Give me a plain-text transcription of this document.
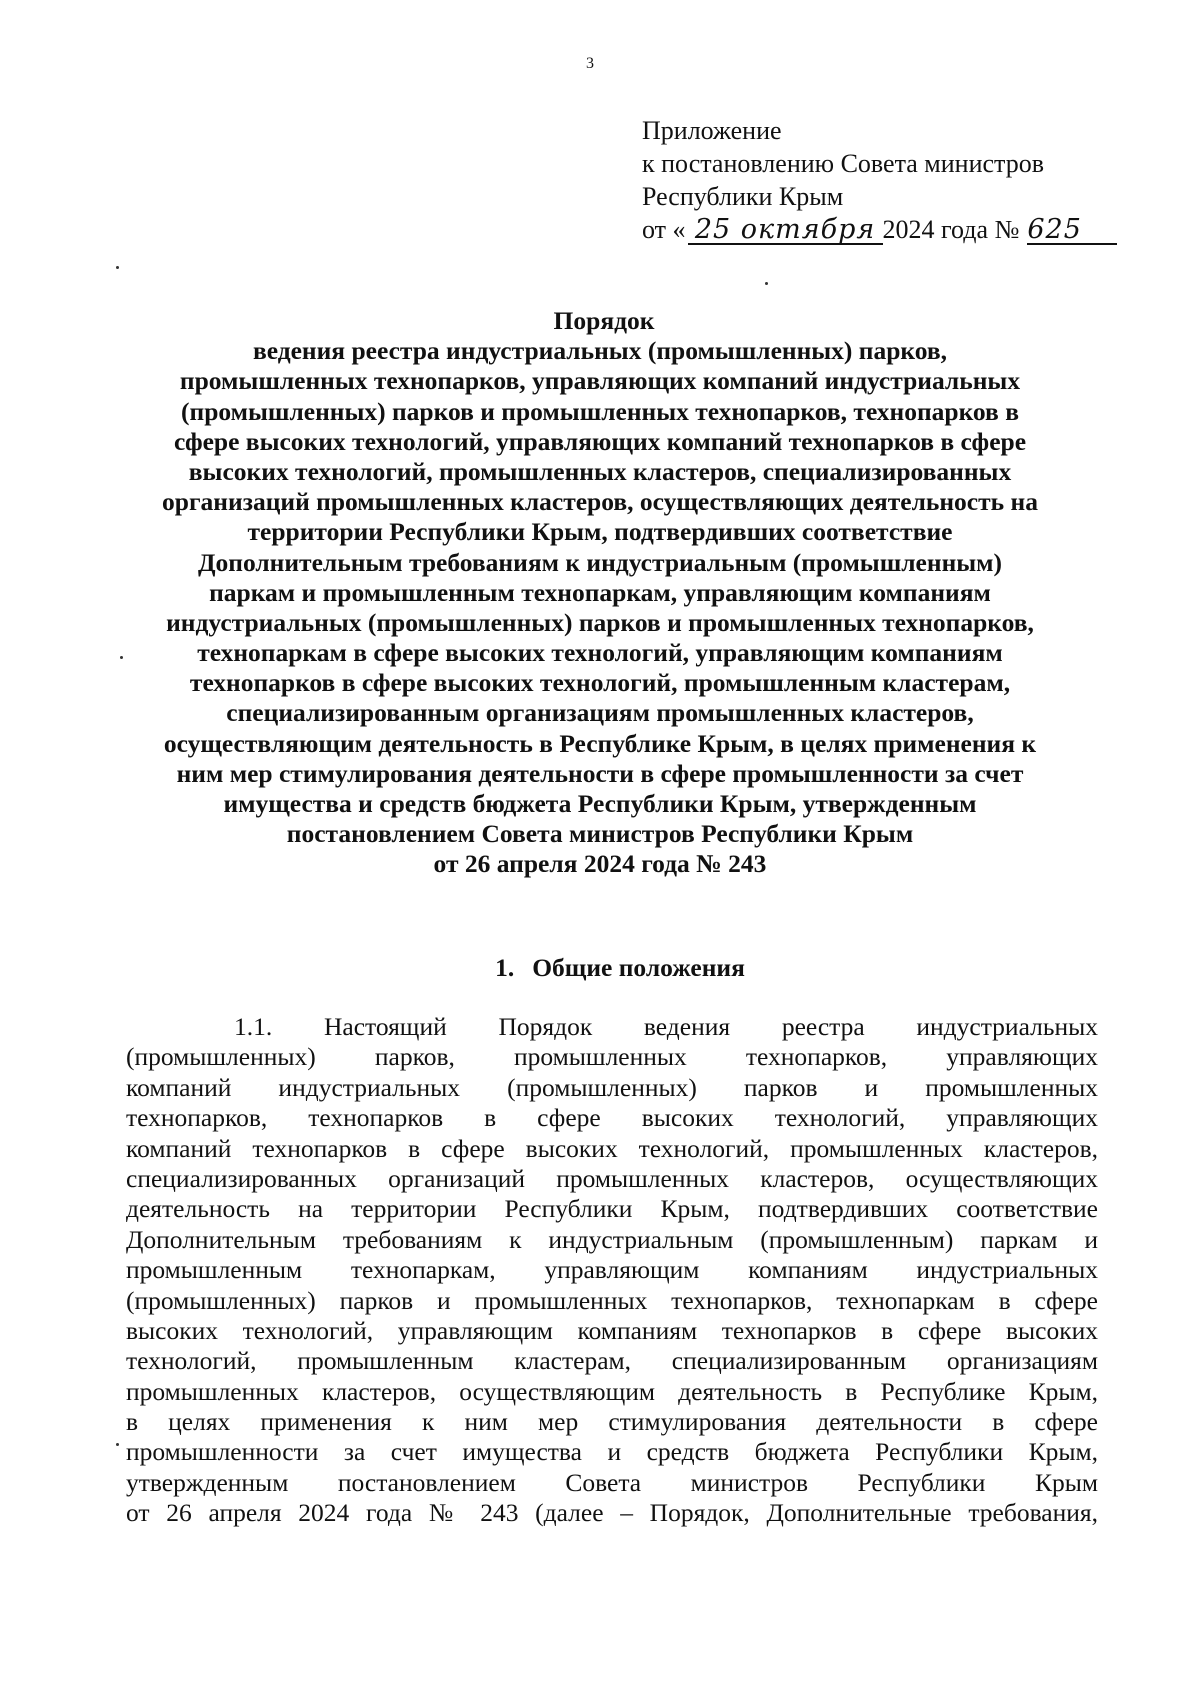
3
Приложение
к постановлению Совета министров
Республики Крым
от « 25 октября 2024 года № 625
Порядок
ведения реестра индустриальных (промышленных) парков,
промышленных технопарков, управляющих компаний индустриальных
(промышленных) парков и промышленных технопарков, технопарков в
сфере высоких технологий, управляющих компаний технопарков в сфере
высоких технологий, промышленных кластеров, специализированных
организаций промышленных кластеров, осуществляющих деятельность на
территории Республики Крым, подтвердивших соответствие
Дополнительным требованиям к индустриальным (промышленным)
паркам и промышленным технопаркам, управляющим компаниям
индустриальных (промышленных) парков и промышленных технопарков,
технопаркам в сфере высоких технологий, управляющим компаниям
технопарков в сфере высоких технологий, промышленным кластерам,
специализированным организациям промышленных кластеров,
осуществляющим деятельность в Республике Крым, в целях применения к
ним мер стимулирования деятельности в сфере промышленности за счет
имущества и средств бюджета Республики Крым, утвержденным
постановлением Совета министров Республики Крым
от 26 апреля 2024 года № 243
1. Общие положения
1.1. Настоящий Порядок ведения реестра индустриальных
(промышленных) парков, промышленных технопарков, управляющих
компаний индустриальных (промышленных) парков и промышленных
технопарков, технопарков в сфере высоких технологий, управляющих
компаний технопарков в сфере высоких технологий, промышленных кластеров,
специализированных организаций промышленных кластеров, осуществляющих
деятельность на территории Республики Крым, подтвердивших соответствие
Дополнительным требованиям к индустриальным (промышленным) паркам и
промышленным технопаркам, управляющим компаниям индустриальных
(промышленных) парков и промышленных технопарков, технопаркам в сфере
высоких технологий, управляющим компаниям технопарков в сфере высоких
технологий, промышленным кластерам, специализированным организациям
промышленных кластеров, осуществляющим деятельность в Республике Крым,
в целях применения к ним мер стимулирования деятельности в сфере
промышленности за счет имущества и средств бюджета Республики Крым,
утвержденным постановлением Совета министров Республики Крым
от 26 апреля 2024 года № 243 (далее – Порядок, Дополнительные требования,
